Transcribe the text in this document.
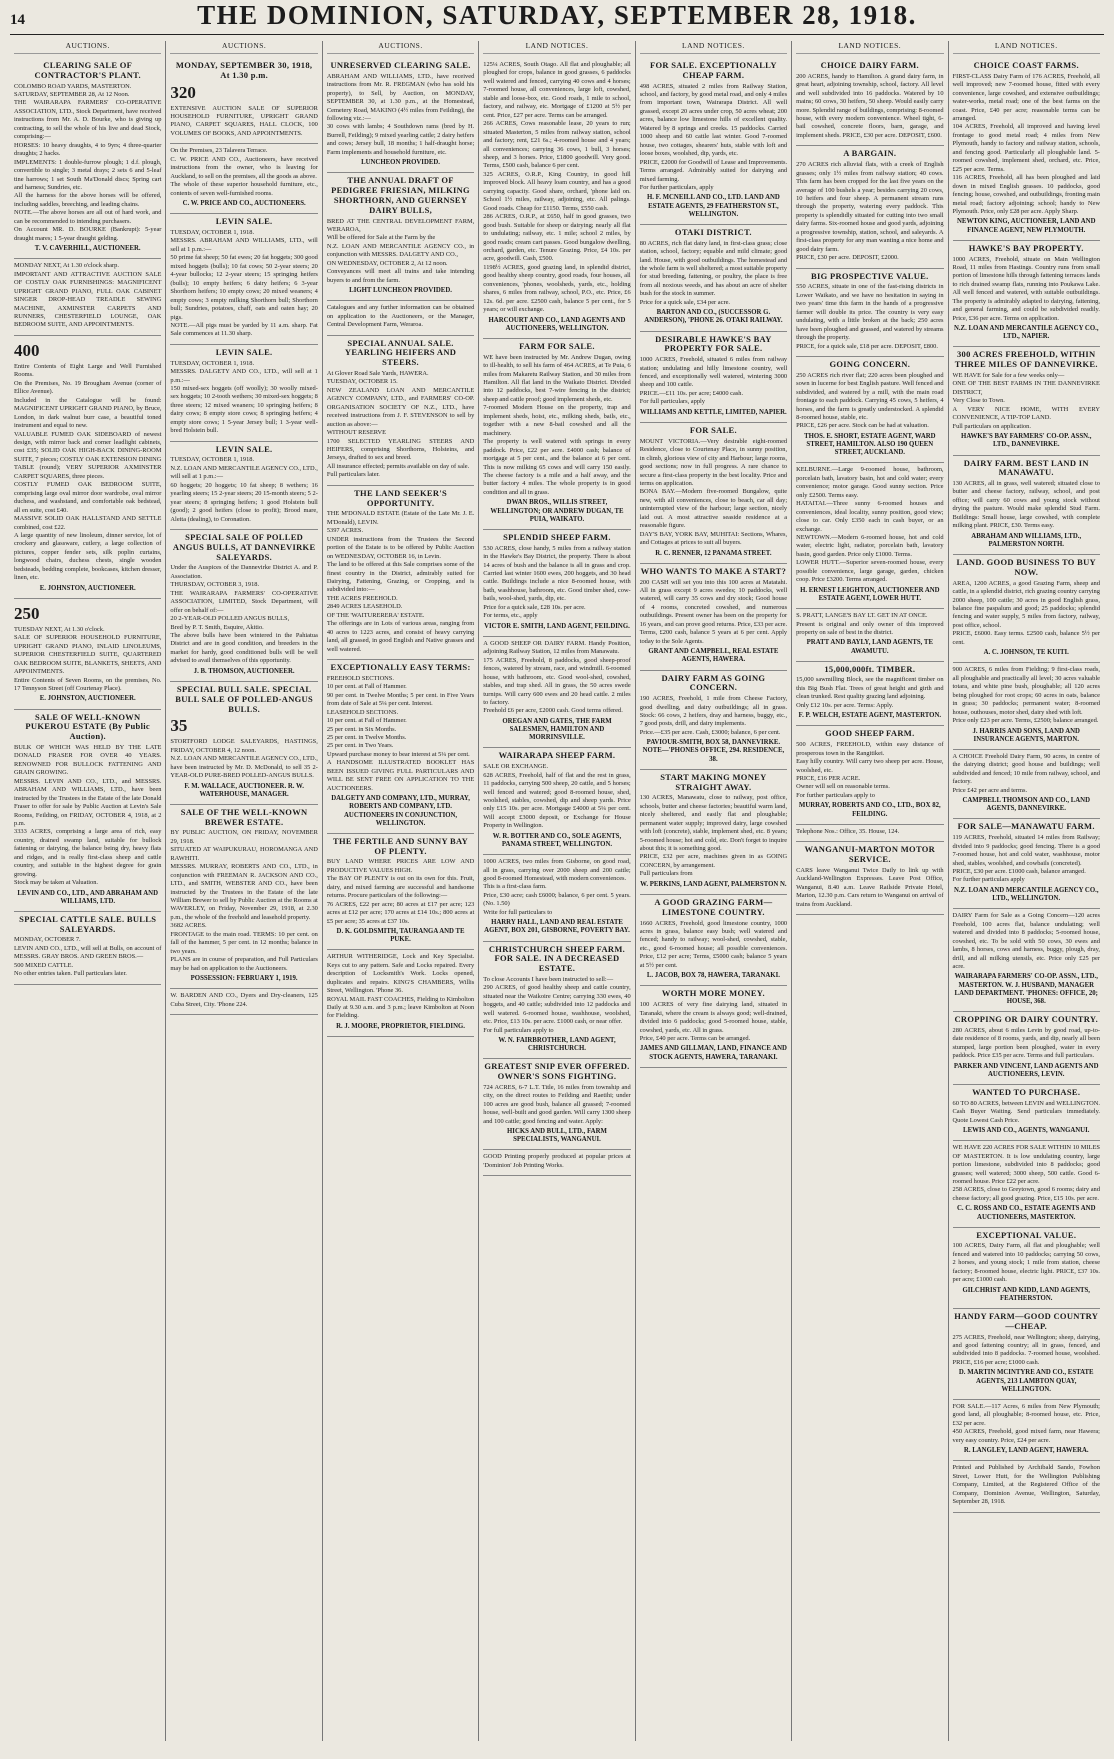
14	THE DOMINION, SATURDAY, SEPTEMBER 28, 1918.
AUCTIONS.
CLEARING SALE OF CONTRACTOR'S PLANT.
COLOMBO ROAD YARDS, MASTERTON.
SATURDAY, SEPTEMBER 28, At 12 Noon.
THE WAIRARAPA FARMERS' CO-OPERATIVE ASSOCIATION, LTD., Stock Department, have received instructions from Mr. A. D. Bourke, who is giving up contracting, to sell the whole of his live and dead Stock, comprising:—
HORSES: 10 heavy draughts, 4 to 9yrs; 4 three-quarter draughts; 2 hacks.
IMPLEMENTS: 1 double-furrow plough; 1 d.f. plough, convertible to single; 3 metal drays; 2 sets 6 and 5-leaf tine harrows; 1 set South Ma'Donald discs; Spring cart and harness; Sundries, etc.
All the harness for the above horses will be offered, including saddles, breeching, and leading chains.
NOTE.—The above horses are all out of hard work, and can be recommended to intending purchasers.
On Account MR. D. BOURKE (Bankrupt): 5-year draught mares; 1 5-year draught gelding.
T. V. CAVERHILL, AUCTIONEER.
MONDAY NEXT, At 1.30 o'clock sharp.
IMPORTANT AND ATTRACTIVE AUCTION SALE OF COSTLY OAK FURNISHINGS: MAGNIFICENT UPRIGHT GRAND PIANO, FULL OAK CABINET SINGER DROP-HEAD TREADLE SEWING MACHINE, AXMINSTER CARPETS AND RUNNERS, CHESTERFIELD LOUNGE, OAK BEDROOM SUITE, AND APPOINTMENTS.
400
Entire Contents of Eight Large and Well Furnished Rooms.
On the Premises, No. 19 Brougham Avenue (corner of Ellice Avenue).
Included in the Catalogue will be found: MAGNIFICENT UPRIGHT GRAND PIANO, by Bruce, London, in dark walnut burr case, a beautiful toned instrument and equal to new.
VALUABLE FUMED OAK SIDEBOARD of newest design, with mirror back and corner leadlight cabinets, cost £35; SOLID OAK HIGH-BACK DINING-ROOM SUITE, 7 pieces; COSTLY OAK EXTENSION DINING TABLE (round); VERY SUPERIOR AXMINSTER CARPET SQUARES, three pieces.
COSTLY FUMED OAK BEDROOM SUITE, comprising large oval mirror door wardrobe, oval mirror duchess, and washstand, and comfortable oak bedstead, all en suite, cost £40.
MASSIVE SOLID OAK HALLSTAND AND SETTLE combined, cost £22.
A large quantity of new linoleum, dinner service, lot of crockery and glassware, cutlery, a large collection of pictures, copper fender sets, silk poplin curtains, longwood chairs, duchess chests, single wooden bedsteads, bedding complete, bookcases, kitchen dresser, linen, etc.
E. JOHNSTON, AUCTIONEER.
250
TUESDAY NEXT, At 1.30 o'clock.
SALE OF SUPERIOR HOUSEHOLD FURNITURE, UPRIGHT GRAND PIANO, INLAID LINOLEUMS, SUPERIOR CHESTERFIELD SUITE, QUARTERED OAK BEDROOM SUITE, BLANKETS, SHEETS, AND APPOINTMENTS.
Entire Contents of Seven Rooms, on the premises, No. 17 Tennyson Street (off Courtenay Place).
E. JOHNSTON, AUCTIONEER.
SALE OF WELL-KNOWN PUKEROU ESTATE (By Public Auction).
BULK OF WHICH WAS HELD BY THE LATE DONALD FRASER FOR OVER 40 YEARS. RENOWNED FOR BULLOCK FATTENING AND GRAIN GROWING.
MESSRS. LEVIN AND CO., LTD., and MESSRS. ABRAHAM AND WILLIAMS, LTD., have been instructed by the Trustees in the Estate of the late Donald Fraser to offer for sale by Public Auction at Levin's Sale Rooms, Feilding, on FRIDAY, OCTOBER 4, 1918, at 2 p.m.
3333 ACRES, comprising a large area of rich, easy country, drained swamp land, suitable for bullock fattening or dairying, the balance being dry, heavy flats and ridges, and is really first-class sheep and cattle country, and suitable in the highest degree for grain growing.
Stock may be taken at Valuation.
LEVIN AND CO., LTD., AND ABRAHAM AND WILLIAMS, LTD.
SPECIAL CATTLE SALE. BULLS SALEYARDS.
MONDAY, OCTOBER 7.
LEVIN AND CO., LTD., will sell at Bulls, on account of MESSRS. GRAY BROS. AND GREEN BROS.—
500 MIXED CATTLE.
No other entries taken. Full particulars later.
AUCTIONS.
MONDAY, SEPTEMBER 30, 1918, At 1.30 p.m.
320
EXTENSIVE AUCTION SALE OF SUPERIOR HOUSEHOLD FURNITURE, UPRIGHT GRAND PIANO, CARPET SQUARES, HALL CLOCK, 100 VOLUMES OF BOOKS, AND APPOINTMENTS.
On the Premises, 23 Talavera Terrace.
C. W. PRICE AND CO., Auctioneers, have received instructions from the owner, who is leaving for Auckland, to sell on the premises, all the goods as above.
The whole of these superior household furniture, etc., contents of seven well-furnished rooms.
C. W. PRICE AND CO., AUCTIONEERS.
LEVIN SALE.
TUESDAY, OCTOBER 1, 1918.
MESSRS. ABRAHAM AND WILLIAMS, LTD., will sell at 1 p.m.:—
50 prime fat sheep; 50 fat ewes; 20 fat hoggets; 300 good mixed hoggets (bulls); 10 fat cows; 50 2-year steers; 20 4-year bullocks; 12 2-year steers; 15 springing heifers (bulls); 10 empty heifers; 6 dairy heifers; 6 3-year Shorthorn heifers; 10 empty cows; 20 mixed weaners; 4 empty cows; 3 empty milking Shorthorn bull; Shorthorn bull; Sundries, potatoes, chaff, oats and oaten hay; 20 pigs.
NOTE.—All pigs must be yarded by 11 a.m. sharp. Fat Sale commences at 11.30 sharp.
LEVIN SALE.
TUESDAY, OCTOBER 1, 1918.
MESSRS. DALGETY AND CO., LTD., will sell at 1 p.m.:—
150 mixed-sex hoggets (off woolly); 30 woolly mixed-sex hoggets; 10 2-tooth wethers; 30 mixed-sex hoggets; 8 three steers; 12 mixed weaners; 10 springing heifers; 8 dairy cows; 8 empty store cows; 8 springing heifers; 4 empty store cows; 1 5-year Jersey bull; 1 3-year well-bred Holstein bull.
LEVIN SALE.
TUESDAY, OCTOBER 1, 1918.
N.Z. LOAN AND MERCANTILE AGENCY CO., LTD., will sell at 1 p.m.:—
60 hoggets; 20 hoggets; 10 fat sheep; 8 wethers; 16 yearling steers; 15 2-year steers; 20 15-month steers; 5 2-year steers; 8 springing heifers; 1 good Holstein bull (good); 2 good heifers (close to profit); Brood mare, Aleita (dealing), to Coronation.
SPECIAL SALE OF POLLED ANGUS BULLS, AT DANNEVIRKE SALEYARDS.
Under the Auspices of the Dannevirke District A. and P. Association.
THURSDAY, OCTOBER 3, 1918.
THE WAIRARAPA FARMERS' CO-OPERATIVE ASSOCIATION, LIMITED, Stock Department, will offer on behalf of:—
20 2-YEAR-OLD POLLED ANGUS BULLS,
Bred by P. T. Smith, Esquire, Akitio.
The above bulls have been wintered in the Pahiatua District and are in good condition, and breeders in the market for hardy, good conditioned bulls will be well advised to avail themselves of this opportunity.
J. B. THOMSON, AUCTIONEER.
SPECIAL BULL SALE. SPECIAL BULL SALE OF POLLED-ANGUS BULLS.
35
STORTFORD LODGE SALEYARDS, HASTINGS, FRIDAY, OCTOBER 4, 12 noon.
N.Z. LOAN AND MERCANTILE AGENCY CO., LTD., have been instructed by Mr. D. McDonald, to sell 35 2-YEAR-OLD PURE-BRED POLLED-ANGUS BULLS.
F. M. WALLACE, AUCTIONEER. R. W. WATERHOUSE, MANAGER.
SALE OF THE WELL-KNOWN BREWER ESTATE.
BY PUBLIC AUCTION, ON FRIDAY, NOVEMBER 29, 1918.
SITUATED AT WAIPUKURAU, HOROMANGA AND RAWHITI.
MESSRS. MURRAY, ROBERTS AND CO., LTD., in conjunction with FREEMAN R. JACKSON AND CO., LTD., and SMITH, WEBSTER AND CO., have been instructed by the Trustees in the Estate of the late William Brewer to sell by Public Auction at the Rooms at WAVERLEY, on Friday, November 29, 1918, at 2.30 p.m., the whole of the freehold and leasehold property.
3682 ACRES.
FRONTAGE to the main road. TERMS: 10 per cent. on fall of the hammer, 5 per cent. in 12 months; balance in two years.
PLANS are in course of preparation, and Full Particulars may be had on application to the Auctioneers.
POSSESSION: FEBRUARY 1, 1919.
W. BARDEN AND CO., Dyers and Dry-cleaners, 125 Cuba Street, City. 'Phone 224.
AUCTIONS.
UNRESERVED CLEARING SALE.
ABRAHAM AND WILLIAMS, LTD., have received instructions from Mr. R. FREGMAN (who has sold his property), to Sell, by Auction, on MONDAY, SEPTEMBER 30, at 1.30 p.m., at the Homestead, Cemetery Road, MAKINO (4½ miles from Feilding), the following viz.:—
30 cows with lambs; 4 Southdown rams (bred by H. Burrell, Feilding); 9 mixed yearling cattle; 2 dairy heifers and cows; Jersey bull, 18 months; 1 half-draught horse; Farm implements and household furniture, etc.
LUNCHEON PROVIDED.
THE ANNUAL DRAFT OF PEDIGREE FRIESIAN, MILKING SHORTHORN, AND GUERNSEY DAIRY BULLS,
BRED AT THE CENTRAL DEVELOPMENT FARM, WERAROA,
Will be offered for Sale at the Farm by the
N.Z. LOAN AND MERCANTILE AGENCY CO., in conjunction with MESSRS. DALGETY AND CO.,
ON WEDNESDAY, OCTOBER 2, At 12 noon.
Conveyances will meet all trains and take intending buyers to and from the farm.
LIGHT LUNCHEON PROVIDED.
Catalogues and any further information can be obtained on application to the Auctioneers, or the Manager, Central Development Farm, Weraroa.
SPECIAL ANNUAL SALE. YEARLING HEIFERS AND STEERS.
At Glover Road Sale Yards, HAWERA.
TUESDAY, OCTOBER 15.
NEW ZEALAND LOAN AND MERCANTILE AGENCY COMPANY, LTD., and FARMERS' CO-OP. ORGANISATION SOCIETY OF N.Z., LTD., have received instructions from J. F. STEVENSON to sell by auction as above:—
WITHOUT RESERVE
1700 SELECTED YEARLING STEERS AND HEIFERS, comprising Shorthorns, Holsteins, and Jerseys, drafted to sex and breed.
All insurance effected; permits available on day of sale.
Full particulars later.
THE LAND SEEKER'S OPPORTUNITY.
THE M'DONALD ESTATE (Estate of the Late Mr. J. E. M'Donald), LEVIN.
5397 ACRES.
UNDER instructions from the Trustees the Second portion of the Estate is to be offered by Public Auction on WEDNESDAY, OCTOBER 16, in Levin.
The land to be offered at this Sale comprises some of the finest country in the District, admirably suited for Dairying, Fattening, Grazing, or Cropping, and is subdivided into:—
THE ACRES FREEHOLD.
2849 ACRES LEASEHOLD.
OF THE 'WAITURERERA' ESTATE.
The offerings are in Lots of various areas, ranging from 40 acres to 1223 acres, and consist of heavy carrying land, all grassed, in good English and Native grasses and well watered.
EXCEPTIONALLY EASY TERMS:
FREEHOLD SECTIONS.
10 per cent. at Fall of Hammer.
90 per cent. in Twelve Months; 5 per cent. in Five Years from date of Sale at 5¼ per cent. Interest.
LEASEHOLD SECTIONS.
10 per cent. at Fall of Hammer.
25 per cent. in Six Months.
25 per cent. in Twelve Months.
25 per cent. in Two Years.
Upward purchase money to bear interest at 5¼ per cent.
A HANDSOME ILLUSTRATED BOOKLET HAS BEEN ISSUED GIVING FULL PARTICULARS AND WILL BE SENT FREE ON APPLICATION TO THE AUCTIONEERS.
DALGETY AND COMPANY, LTD., MURRAY, ROBERTS AND COMPANY, LTD. AUCTIONEERS IN CONJUNCTION, WELLINGTON.
THE FERTILE AND SUNNY BAY OF PLENTY.
BUY LAND WHERE PRICES ARE LOW AND PRODUCTIVE VALUES HIGH.
The BAY OF PLENTY is out on its own for this. Fruit, dairy, and mixed farming are successful and handsome returns. Procure particulars of the following:—
76 ACRES, £22 per acre; 80 acres at £17 per acre; 123 acres at £12 per acre; 170 acres at £14 10s.; 800 acres at £5 per acre; 35 acres at £37 10s.
D. K. GOLDSMITH, TAURANGA AND TE PUKE.
ARTHUR WITHERIDGE, Lock and Key Specialist. Keys cut to any pattern. Safe and Locks repaired. Every description of Locksmith's Work. Locks opened, duplicates and repairs. KING'S CHAMBERS, Willis Street, Wellington. 'Phone 36.
ROYAL MAIL FAST COACHES, Fielding to Kimbolton Daily at 9.30 a.m. and 3 p.m.; leave Kimbolton at Noon for Fielding.
R. J. MOORE, PROPRIETOR, FIELDING.
LAND NOTICES.
125¼ ACRES, South Otago. All flat and ploughable; all ploughed for crops, balance in good grasses, 6 paddocks well watered and fenced, carrying 40 cows and 4 horses; 7-roomed house, all conveniences, large loft, cowshed, stable and loose-box, etc. Good roads, 1 mile to school, factory, and railway, etc. Mortgage of £1200 at 5½ per cent. Price, £27 per acre. Terms can be arranged.
266 ACRES, Cows reasonable lease, 20 years to run; situated Masterton, 5 miles from railway station, school and factory; rent, £21 6s.; 4-roomed house and 4 years; all conveniences; carrying 36 cows, 1 bull, 3 horses; sheep, and 3 horses. Price, £1800 goodwill. Very good. Terms, £500 cash, balance 6 per cent.
325 ACRES, O.R.P., King Country, in good hill improved block. All heavy loam country, and has a good carrying capacity. Good share, orchard, 'phone laid on. School 1½ miles, railway, adjoining, etc. All palings. Good roads. Cheap for £1150. Terms, £550 cash.
286 ACRES, O.R.P., at £650, half in good grasses, two good bush. Suitable for sheep or dairying; nearly all flat to undulating; railway, etc. 1 mile; school 2 miles, by good roads; cream cart passes. Good bungalow dwelling, orchard, garden, etc. Tenure Grazing. Price, £4 10s. per acre, goodwill. Cash, £500.
1198½ ACRES, good grazing land, in splendid district, good healthy sheep country, good roads, four houses, all conveniences, 'phones, woolsheds, yards, etc., holding shares, 6 miles from railway, school, P.O., etc. Price, £6 12s. 6d. per acre. £2500 cash, balance 5 per cent., for 5 years; or will exchange.
HARCOURT AND CO., LAND AGENTS AND AUCTIONEERS, WELLINGTON.
FARM FOR SALE.
WE have been instructed by Mr. Andrew Dugan, owing to ill-health, to sell his farm of 464 ACRES, at Te Puia, 6 miles from Makaretu Railway Station, and 30 miles from Hamilton. All flat land in the Waikato District. Divided into 12 paddocks, best 7-wire fencing in the district; sheep and cattle proof; good implement sheds, etc.
7-roomed Modern House on the property, trap and implement sheds, hoist, etc., milking sheds, bails, etc., together with a new 8-bail cowshed and all the machinery.
The property is well watered with springs in every paddock. Price, £22 per acre. £4000 cash; balance of mortgage at 5 per cent., and the balance at 6 per cent. This is now milking 65 cows and will carry 150 easily. The cheese factory is a mile and a half away, and the butter factory 4 miles. The whole property is in good condition and all in grass.
DWAN BROS., WILLIS STREET, WELLINGTON; OR ANDREW DUGAN, TE PUIA, WAIKATO.
SPLENDID SHEEP FARM.
530 ACRES, close handy, 5 miles from a railway station in the Hawke's Bay District, the property. There is about 14 acres of bush and the balance is all in grass and crop. Carried last winter 1600 ewes, 200 hoggets, and 30 head cattle. Buildings include a nice 8-roomed house, with bath, washhouse, bathroom, etc. Good timber shed, cow-bails, wool-shed, yards, dip, etc.
Price for a quick sale, £28 10s. per acre.
For terms, etc., apply
VICTOR E. SMITH, LAND AGENT, FEILDING.
A GOOD SHEEP OR DAIRY FARM. Handy Position, adjoining Railway Station, 12 miles from Manawatu.
175 ACRES, Freehold, 8 paddocks, good sheep-proof fences, watered by stream, race, and windmill. 6-roomed house, with bathroom, etc. Good wool-shed, cowshed, stables, and trap shed. All in grass, the 50 acres swede turnips. Will carry 600 ewes and 20 head cattle. 2 miles to factory.
Freehold £6 per acre, £2000 cash. Good terms offered.
OREGAN AND GATES, THE FARM SALESMEN, HAMILTON AND MORRINSVILLE.
WAIRARAPA SHEEP FARM.
SALE OR EXCHANGE.
628 ACRES, Freehold, half of flat and the rest in grass, 11 paddocks, carrying 500 sheep, 20 cattle, and 5 horses; well fenced and watered; good 8-roomed house, shed, woolshed, stables, cowshed, dip and sheep yards. Price only £15 10s. per acre. Mortgage £4000 at 5¼ per cent. Will accept £3000 deposit, or Exchange for House Property in Wellington.
W. R. BOTTER AND CO., SOLE AGENTS, PANAMA STREET, WELLINGTON.
1000 ACRES, two miles from Gisborne, on good road, all in grass, carrying over 2000 sheep and 200 cattle; good 8-roomed Homestead, with modern conveniences.
This is a first-class farm.
Price, £30 acre; cash £6000; balance, 6 per cent. 5 years. (No. 1.50)
Write for full particulars to
HARRY HALL, LAND AND REAL ESTATE AGENT, BOX 201, GISBORNE, POVERTY BAY.
CHRISTCHURCH SHEEP FARM. FOR SALE. IN A DECREASED ESTATE.
To close Accounts I have been instructed to sell:—
290 ACRES, of good healthy sheep and cattle country, situated near the Waikoire Centre; carrying 330 ewes, 40 hoggets, and 40 cattle; subdivided into 12 paddocks and well watered. 6-roomed house, washhouse, woolshed, etc. Price, £13 10s. per acre. £1000 cash, or near offer.
For full particulars apply to
W. N. FAIRBROTHER, LAND AGENT, CHRISTCHURCH.
GREATEST SNIP EVER OFFERED. OWNER'S SONS FIGHTING.
724 ACRES, 6-7 L.T. Title, 16 miles from township and city, on the direct routes to Feilding and Raetihi; under 100 acres are good bush, balance all grassed; 7-roomed house, well-built and good garden. Will carry 1300 sheep and 100 cattle; good fencing and water. Apply:
HICKS AND BULL, LTD., FARM SPECIALISTS, WANGANUI.
GOOD Printing properly produced at popular prices at 'Dominion' Job Printing Works.
LAND NOTICES.
FOR SALE. EXCEPTIONALLY CHEAP FARM.
498 ACRES, situated 2 miles from Railway Station, school, and factory, by good metal road, and only 4 miles from important town, Wairarapa District. All well grassed, except 20 acres under crop, 50 acres wheat; 200 acres, balance low limestone hills of excellent quality. Watered by 8 springs and creeks. 15 paddocks. Carried 1000 sheep and 60 cattle last winter. Good 7-roomed house, two cottages, shearers' huts, stable with loft and loose boxes, woolshed, dip, yards, etc.
PRICE, £2000 for Goodwill of Lease and Improvements. Terms arranged. Admirably suited for dairying and mixed farming.
For further particulars, apply
H. F. MCNEILL AND CO., LTD. LAND AND ESTATE AGENTS, 29 FEATHERSTON ST., WELLINGTON.
OTAKI DISTRICT.
80 ACRES, rich flat dairy land, in first-class grass; close station, school, factory; equable and mild climate; good land. House, with good outbuildings. The homestead and the whole farm is well sheltered; a most suitable property for stud breeding, fattening, or poultry, the place is free from all noxious weeds, and has about an acre of shelter bush for the stock in summer.
Price for a quick sale, £34 per acre.
BARTON AND CO., (SUCCESSOR G. ANDERSON), 'PHONE 26. OTAKI RAILWAY.
DESIRABLE HAWKE'S BAY PROPERTY FOR SALE.
1000 ACRES, Freehold, situated 6 miles from railway station; undulating and hilly limestone country, well fenced, and exceptionally well watered, wintering 3000 sheep and 100 cattle.
PRICE.—£11 10s. per acre; £4000 cash.
For full particulars, apply
WILLIAMS AND KETTLE, LIMITED, NAPIER.
FOR SALE.
MOUNT VICTORIA.—Very desirable eight-roomed Residence, close to Courtenay Place, in sunny position, in climb, glorious view of city and Harbour; large rooms, good sections; now in full progress. A rare chance to secure a first-class property in the best locality. Price and terms on application.
BONA BAY.—Modern five-roomed Bungalow, quite new, with all conveniences, close to beach, car all day; uninterrupted view of the harbour; large section, nicely laid out. A most attractive seaside residence at a reasonable figure.
DAY'S BAY, YORK BAY, MUHITAI: Sections, Whares, and Cottages at prices to suit all buyers.
R. C. RENNER, 12 PANAMA STREET.
WHO WANTS TO MAKE A START?
200 CASH will set you into this 100 acres at Matatahi. All in grass except 9 acres swedes; 10 paddocks, well watered, will carry 35 cows and dry stock; Good house of 4 rooms, concreted cowshed, and numerous outbuildings. Present owner has been on the property for 16 years, and can prove good returns. Price, £33 per acre. Terms, £200 cash, balance 5 years at 6 per cent. Apply today to the Sole Agents.
GRANT AND CAMPBELL, REAL ESTATE AGENTS, HAWERA.
DAIRY FARM AS GOING CONCERN.
190 ACRES, Freehold, 1 mile from Cheese Factory, good dwelling, and dairy outbuildings; all in grass. Stock: 66 cows, 2 heifers, dray and harness, buggy, etc., 7 good posts, drill, and dairy implements.
Price.—£35 per acre. Cash, £3000; balance, 6 per cent.
PAVIOUR-SMITH, BOX 58, DANNEVIRKE. NOTE—'PHONES OFFICE, 294. RESIDENCE, 38.
START MAKING MONEY STRAIGHT AWAY.
130 ACRES, Manawatu, close to railway, post office, schools, butter and cheese factories; beautiful warm land, nicely sheltered, and easily flat and ploughable; permanent water supply; improved dairy, large cowshed with loft (concrete), stable, implement shed, etc. 8 years; 5-roomed house; hot and cold, etc. Don't forget to inquire about this; it is something good.
PRICE, £32 per acre, machines given in as GOING CONCERN, by arrangement.
Full particulars from
W. PERKINS, LAND AGENT, PALMERSTON N.
A GOOD GRAZING FARM—LIMESTONE COUNTRY.
1660 ACRES, Freehold, good limestone country, 1000 acres in grass, balance easy bush; well watered and fenced; handy to railway; wool-shed, cowshed, stable, etc., good 6-roomed house; all possible conveniences. Price, £12 per acre; Terms, £5000 cash; balance 5 years at 5½ per cent.
L. JACOB, BOX 78, HAWERA, TARANAKI.
WORTH MORE MONEY.
100 ACRES of very fine dairying land, situated in Taranaki, where the cream is always good; well-drained, divided into 6 paddocks; good 5-roomed house, stable, cowshed, yards, etc. All in grass.
Price, £40 per acre. Terms can be arranged.
JAMES AND GILLMAN, LAND, FINANCE AND STOCK AGENTS, HAWERA, TARANAKI.
LAND NOTICES.
CHOICE DAIRY FARM.
200 ACRES, handy to Hamilton. A grand dairy farm, in great heart, adjoining township, school, factory. All level and well subdivided into 16 paddocks. Watered by 10 mains; 60 cows, 30 heifers, 50 sheep. Would easily carry more. Splendid range of buildings, comprising: 8-roomed house, with every modern convenience. Wheel tight, 6-bail cowshed, concrete floors, barn, garage, and implement sheds. PRICE, £30 per acre. DEPOSIT, £600.
A BARGAIN.
270 ACRES rich alluvial flats, with a creek of English grasses; only 1½ miles from railway station; 40 cows. This farm has been cropped for the last five years on the average of 100 bushels a year; besides carrying 20 cows, 10 heifers and four sheep. A permanent stream runs through the property, watering every paddock. This property is splendidly situated for cutting into two small dairy farms. Six-roomed house and good yards, adjoining a progressive township, station, school, and saleyards. A first-class property for any man wanting a nice home and good dairy farm.
PRICE, £30 per acre. DEPOSIT, £2000.
BIG PROSPECTIVE VALUE.
550 ACRES, situate in one of the fast-rising districts in Lower Waikato, and we have no hesitation in saying in two years' time this farm in the hands of a progressive farmer will double its price. The country is very easy undulating, with a little broken at the back; 250 acres have been ploughed and grassed, and watered by streams through the property.
PRICE, for a quick sale, £18 per acre. DEPOSIT, £800.
GOING CONCERN.
250 ACRES rich river flat; 220 acres been ploughed and sown in lucerne for best English pasture. Well fenced and subdivided, and watered by a mill, with the main road frontage to each paddock. Carrying 45 cows, 5 heifers, 4 horses, and the farm is greatly understocked. A splendid 8-roomed house, stable, etc.
PRICE, £26 per acre. Stock can be had at valuation.
THOS. E. SHORT, ESTATE AGENT, WARD STREET, HAMILTON. ALSO 190 QUEEN STREET, AUCKLAND.
KELBURNE.—Large 9-roomed house, bathroom, porcelain bath, lavatory basin, hot and cold water; every convenience; motor garage. Good sunny section. Price only £2500. Terms easy.
HATAITAI.—Three sunny 6-roomed houses and conveniences, ideal locality, sunny position, good view; close to car. Only £350 each in cash buyer, or an exchange.
NEWTOWN.—Modern 6-roomed house, hot and cold water, electric light, radiator, porcelain bath, lavatory basin, good garden. Price only £1000. Terms.
LOWER HUTT.—Superior seven-roomed house, every possible convenience, large garage, garden, chicken coop. Price £3200. Terms arranged.
H. ERNEST LEIGHTON, AUCTIONEER AND ESTATE AGENT, LOWER HUTT.
S. PRATT, LANGE'S BAY LT. GET IN AT ONCE.
Present is original and only owner of this improved property on sale of best in the district.
PRATT AND BAYLY, LAND AGENTS, TE AWAMUTU.
15,000,000ft. TIMBER.
15,000 sawmilling Block, see the magnificent timber on this Big Bush Flat. Trees of great height and girth and clean trunked. Rest quality grazing land adjoining.
Only £12 10s. per acre. Terms: Apply.
F. P. WELCH, ESTATE AGENT, MASTERTON.
GOOD SHEEP FARM.
500 ACRES, FREEHOLD, within easy distance of prosperous town in the Rangitikei.
Easy hilly country. Will carry two sheep per acre. House, woolshed, etc.
PRICE, £16 PER ACRE.
Owner will sell on reasonable terms.
For further particulars apply to
MURRAY, ROBERTS AND CO., LTD., BOX 82, FEILDING.
Telephone Nos.: Office, 35. House, 124.
WANGANUI-MARTON MOTOR SERVICE.
CARS leave Wanganui Twice Daily to link up with Auckland-Wellington Expresses. Leave Post Office, Wanganui, 8.40 a.m. Leave Railside Private Hotel, Marton, 12.30 p.m. Cars return to Wanganui on arrival of trains from Auckland.
LAND NOTICES.
CHOICE COAST FARMS.
FIRST-CLASS Dairy Farm of 176 ACRES, Freehold, all well improved; new 7-roomed house, fitted with every convenience, large cowshed, and extensive outbuildings; water-works, metal road; one of the best farms on the coast. Price, £40 per acre; reasonable terms can be arranged.
104 ACRES, Freehold, all improved and having level frontage to good metal road; 4 miles from New Plymouth, handy to factory and railway station, schools, and fencing good. Particularly all ploughable land. 5-roomed cowshed, implement shed, orchard, etc. Price, £25 per acre. Terms.
116 ACRES, Freehold, all has been ploughed and laid down in mixed English grasses. 10 paddocks, good fencing; house, cowshed, and outbuildings, fronting main metal road; factory adjoining; school; handy to New Plymouth. Price, only £28 per acre. Apply Sharp.
NEWTON KING, AUCTIONEER, LAND AND FINANCE AGENT, NEW PLYMOUTH.
HAWKE'S BAY PROPERTY.
1000 ACRES, Freehold, situate on Main Wellington Road, 11 miles from Hastings. Country runs from small portion of limestone hills through fattening terraces lands to rich drained swamp flats, running into Poukawa Lake. All well fenced and watered, with suitable outbuildings. The property is admirably adapted to dairying, fattening, and general farming, and could be subdivided readily. Price, £36 per acre. Terms on application.
N.Z. LOAN AND MERCANTILE AGENCY CO., LTD., NAPIER.
300 ACRES FREEHOLD, WITHIN THREE MILES OF DANNEVIRKE.
WE HAVE for Sale for a few weeks only—
ONE OF THE BEST FARMS IN THE DANNEVIRKE DISTRICT,
Very Close to Town.
A VERY NICE HOME, WITH EVERY CONVENIENCE, A TIP-TOP LAND.
Full particulars on application.
HAWKE'S BAY FARMERS' CO-OP. ASSN., LTD., DANNEVIRKE.
DAIRY FARM. BEST LAND IN MANAWATU.
130 ACRES, all in grass, well watered; situated close to butter and cheese factory, railway, school, and post office; will carry 60 cows and young stock without drying the pasture. Would make splendid Stud Farm. Buildings: Small house, large cowshed, with complete milking plant. PRICE, £30. Terms easy.
ABRAHAM AND WILLIAMS, LTD., PALMERSTON NORTH.
LAND. GOOD BUSINESS TO BUY NOW.
AREA, 1200 ACRES, a good Grazing Farm, sheep and cattle, in a splendid district, rich grazing country carrying 2000 sheep, 100 cattle; 30 acres in good English grass, balance fine paspalum and good; 25 paddocks; splendid fencing and water supply, 5 miles from factory, railway, post office, school.
PRICE, £6000. Easy terms. £2500 cash, balance 5½ per cent.
A. C. JOHNSON, TE KUITI.
900 ACRES, 6 miles from Fielding; 9 first-class roads, all ploughable and practically all level; 30 acres valuable totara, and white pine bush, ploughable; all 120 acres being ploughed for root crops; 60 acres in oats, balance in grass; 30 paddocks; permanent water; 8-roomed house, outhouses, motor shed, dairy shed with loft.
Price only £23 per acre. Terms, £2500; balance arranged.
J. HARRIS AND SONS, LAND AND INSURANCE AGENTS, MARTON.
A CHOICE Freehold Dairy Farm, 90 acres, in centre of the dairying district; good house and buildings; well subdivided and fenced; 10 mile from railway, school, and factory.
Price £42 per acre and terms.
CAMPBELL THOMSON AND CO., LAND AGENTS, DANNEVIRKE.
FOR SALE—MANAWATU FARM.
119 ACRES, Freehold, situated 14 miles from Railway; divided into 9 paddocks; good fencing. There is a good 7-roomed house, hot and cold water, washhouse, motor shed, stables, woolshed, and cowbails (concreted).
PRICE, £30 per acre. £1000 cash, balance arranged.
For further particulars apply
N.Z. LOAN AND MERCANTILE AGENCY CO., LTD., WELLINGTON.
DAIRY Farm for Sale as a Going Concern—120 acres Freehold, 100 acres flat, balance undulating; well watered and divided into 8 paddocks; 5-roomed house, cowshed, etc. To be sold with 50 cows, 30 ewes and lambs, 8 horses, cows and harness, buggy, plough, dray, drill, and all milking utensils, etc. Price only £25 per acre.
WAIRARAPA FARMERS' CO-OP. ASSN., LTD., MASTERTON. W. J. HUSBAND, MANAGER LAND DEPARTMENT. 'PHONES: OFFICE, 20; HOUSE, 368.
CROPPING OR DAIRY COUNTRY.
280 ACRES, about 6 miles Levin by good road, up-to-date residence of 8 rooms, yards, and dip, nearly all been stumped, large portion been ploughed, water in every paddock. Price £35 per acre. Terms and full particulars.
PARKER AND VINCENT, LAND AGENTS AND AUCTIONEERS, LEVIN.
WANTED TO PURCHASE.
60 TO 80 ACRES, between LEVIN and WELLINGTON. Cash Buyer Waiting. Send particulars immediately. Quote Lowest Cash Price.
LEWIS AND CO., AGENTS, WANGANUI.
WE HAVE 220 ACRES FOR SALE WITHIN 10 MILES OF MASTERTON. It is low undulating country, large portion limestone, subdivided into 8 paddocks; good grasses; well watered; 3000 sheep, 500 cattle. Good 6-roomed house. Price £22 per acre.
258 ACRES, close to Greytown, good 6 rooms; dairy and cheese factory; all good grazing. Price, £15 10s. per acre.
C. C. ROSS AND CO., ESTATE AGENTS AND AUCTIONEERS, MASTERTON.
EXCEPTIONAL VALUE.
100 ACRES, Dairy Farm, all flat and ploughable; well fenced and watered into 10 paddocks; carrying 50 cows, 2 horses, and young stock; 1 mile from station, cheese factory; 8-roomed house, electric light. PRICE, £37 10s. per acre; £1000 cash.
GILCHRIST AND KIDD, LAND AGENTS, FEATHERSTON.
HANDY FARM—GOOD COUNTRY—CHEAP.
275 ACRES, Freehold, near Wellington; sheep, dairying, and good fattening country; all in grass, fenced, and subdivided into 8 paddocks. 7-roomed house, woolshed. PRICE, £16 per acre; £1000 cash.
D. MARTIN MCINTYRE AND CO., ESTATE AGENTS, 213 LAMBTON QUAY, WELLINGTON.
FOR SALE.—117 Acres, 6 miles from New Plymouth; good land, all ploughable; 8-roomed house, etc. Price, £32 per acre.
450 ACRES, Freehold, good mixed farm, near Hawera; very easy country. Price, £24 per acre.
R. LANGLEY, LAND AGENT, HAWERA.
Printed and Published by Archibald Sando, Fowhon Street, Lower Hutt, for the Wellington Publishing Company, Limited, at the Registered Office of the Company, Dominion Avenue, Wellington, Saturday, September 28, 1918.
